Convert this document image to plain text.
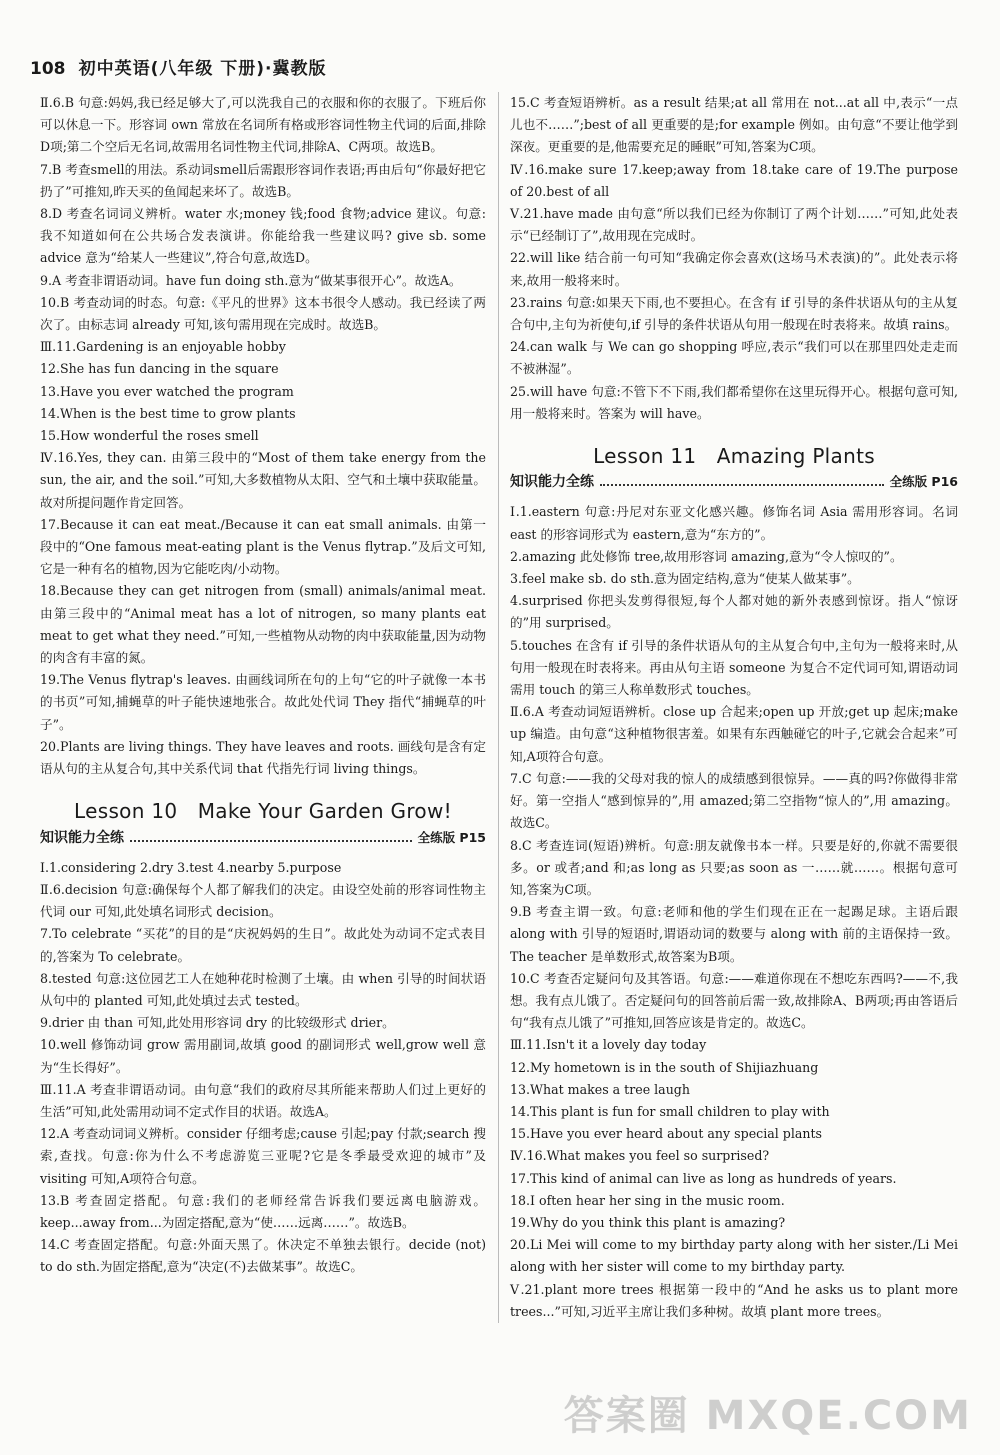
108 初中英语(八年级 下册)·冀教版

Ⅱ.6.B 句意:妈妈,我已经足够大了,可以洗我自己的衣服和你的衣服了。下班后你可以休息一下。形容词 own 常放在名词所有格或形容词性物主代词的后面,排除D项;第二个空后无名词,故需用名词性物主代词,排除A、C两项。故选B。

7.B 考查smell的用法。系动词smell后需跟形容词作表语;再由后句“你最好把它扔了”可推知,昨天买的鱼闻起来坏了。故选B。

8.D 考查名词词义辨析。water 水;money 钱;food 食物;advice 建议。句意:我不知道如何在公共场合发表演讲。你能给我一些建议吗? give sb. some advice 意为“给某人一些建议”,符合句意,故选D。

9.A 考查非谓语动词。have fun doing sth.意为“做某事很开心”。故选A。

10.B 考查动词的时态。句意:《平凡的世界》这本书很令人感动。我已经读了两次了。由标志词 already 可知,该句需用现在完成时。故选B。

Ⅲ.11.Gardening is an enjoyable hobby

12.She has fun dancing in the square

13.Have you ever watched the program

14.When is the best time to grow plants

15.How wonderful the roses smell

Ⅳ.16.Yes, they can. 由第三段中的“Most of them take energy from the sun, the air, and the soil.”可知,大多数植物从太阳、空气和土壤中获取能量。故对所提问题作肯定回答。

17.Because it can eat meat./Because it can eat small animals. 由第一段中的“One famous meat-eating plant is the Venus flytrap.”及后文可知,它是一种有名的植物,因为它能吃肉/小动物。

18.Because they can get nitrogen from (small) animals/animal meat. 由第三段中的“Animal meat has a lot of nitrogen, so many plants eat meat to get what they need.”可知,一些植物从动物的肉中获取能量,因为动物的肉含有丰富的氮。

19.The Venus flytrap's leaves. 由画线词所在句的上句“它的叶子就像一本书的书页”可知,捕蝇草的叶子能快速地张合。故此处代词 They 指代“捕蝇草的叶子”。

20.Plants are living things. They have leaves and roots. 画线句是含有定语从句的主从复合句,其中关系代词 that 代指先行词 living things。

Lesson 10　Make Your Garden Grow!
知识能力全练	全练版 P15

Ⅰ.1.considering 2.dry 3.test 4.nearby 5.purpose

Ⅱ.6.decision 句意:确保每个人都了解我们的决定。由设空处前的形容词性物主代词 our 可知,此处填名词形式 decision。

7.To celebrate “买花”的目的是“庆祝妈妈的生日”。故此处为动词不定式表目的,答案为 To celebrate。

8.tested 句意:这位园艺工人在她种花时检测了土壤。由 when 引导的时间状语从句中的 planted 可知,此处填过去式 tested。

9.drier 由 than 可知,此处用形容词 dry 的比较级形式 drier。

10.well 修饰动词 grow 需用副词,故填 good 的副词形式 well,grow well 意为“生长得好”。

Ⅲ.11.A 考查非谓语动词。由句意“我们的政府尽其所能来帮助人们过上更好的生活”可知,此处需用动词不定式作目的状语。故选A。

12.A 考查动词词义辨析。consider 仔细考虑;cause 引起;pay 付款;search 搜索,查找。句意:你为什么不考虑游览三亚呢?它是冬季最受欢迎的城市”及 visiting 可知,A项符合句意。

13.B 考查固定搭配。句意:我们的老师经常告诉我们要远离电脑游戏。keep...away from...为固定搭配,意为“使……远离……”。故选B。

14.C 考查固定搭配。句意:外面天黑了。休决定不单独去银行。decide (not) to do sth.为固定搭配,意为“决定(不)去做某事”。故选C。

15.C 考查短语辨析。as a result 结果;at all 常用在 not...at all 中,表示“一点儿也不……”;best of all 更重要的是;for example 例如。由句意“不要让他学到深夜。更重要的是,他需要充足的睡眠”可知,答案为C项。

Ⅳ.16.make sure 17.keep;away from 18.take care of 19.The purpose of 20.best of all

Ⅴ.21.have made 由句意“所以我们已经为你制订了两个计划……”可知,此处表示“已经制订了”,故用现在完成时。

22.will like 结合前一句可知“我确定你会喜欢(这场马术表演)的”。此处表示将来,故用一般将来时。

23.rains 句意:如果天下雨,也不要担心。在含有 if 引导的条件状语从句的主从复合句中,主句为祈使句,if 引导的条件状语从句用一般现在时表将来。故填 rains。

24.can walk 与 We can go shopping 呼应,表示“我们可以在那里四处走走而不被淋湿”。

25.will have 句意:不管下不下雨,我们都希望你在这里玩得开心。根据句意可知,用一般将来时。答案为 will have。

Lesson 11　Amazing Plants
知识能力全练	全练版 P16

Ⅰ.1.eastern 句意:丹尼对东亚文化感兴趣。修饰名词 Asia 需用形容词。名词 east 的形容词形式为 eastern,意为“东方的”。

2.amazing 此处修饰 tree,故用形容词 amazing,意为“令人惊叹的”。

3.feel make sb. do sth.意为固定结构,意为“使某人做某事”。

4.surprised 你把头发剪得很短,每个人都对她的新外表感到惊讶。指人“惊讶的”用 surprised。

5.touches 在含有 if 引导的条件状语从句的主从复合句中,主句为一般将来时,从句用一般现在时表将来。再由从句主语 someone 为复合不定代词可知,谓语动词需用 touch 的第三人称单数形式 touches。

Ⅱ.6.A 考查动词短语辨析。close up 合起来;open up 开放;get up 起床;make up 编造。由句意“这种植物很害羞。如果有东西触碰它的叶子,它就会合起来”可知,A项符合句意。

7.C 句意:——我的父母对我的惊人的成绩感到很惊异。——真的吗?你做得非常好。第一空指人“感到惊异的”,用 amazed;第二空指物“惊人的”,用 amazing。故选C。

8.C 考查连词(短语)辨析。句意:朋友就像书本一样。只要是好的,你就不需要很多。or 或者;and 和;as long as 只要;as soon as 一……就……。根据句意可知,答案为C项。

9.B 考查主谓一致。句意:老师和他的学生们现在正在一起踢足球。主语后跟 along with 引导的短语时,谓语动词的数要与 along with 前的主语保持一致。The teacher 是单数形式,故答案为B项。

10.C 考查否定疑问句及其答语。句意:——难道你现在不想吃东西吗?——不,我想。我有点儿饿了。否定疑问句的回答前后需一致,故排除A、B两项;再由答语后句“我有点儿饿了”可推知,回答应该是肯定的。故选C。

Ⅲ.11.Isn't it a lovely day today

12.My hometown is in the south of Shijiazhuang

13.What makes a tree laugh

14.This plant is fun for small children to play with

15.Have you ever heard about any special plants

Ⅳ.16.What makes you feel so surprised?

17.This kind of animal can live as long as hundreds of years.

18.I often hear her sing in the music room.

19.Why do you think this plant is amazing?

20.Li Mei will come to my birthday party along with her sister./Li Mei along with her sister will come to my birthday party.

Ⅴ.21.plant more trees 根据第一段中的“And he asks us to plant more trees...”可知,习近平主席让我们多种树。故填 plant more trees。

答案圈 MXQE.COM
